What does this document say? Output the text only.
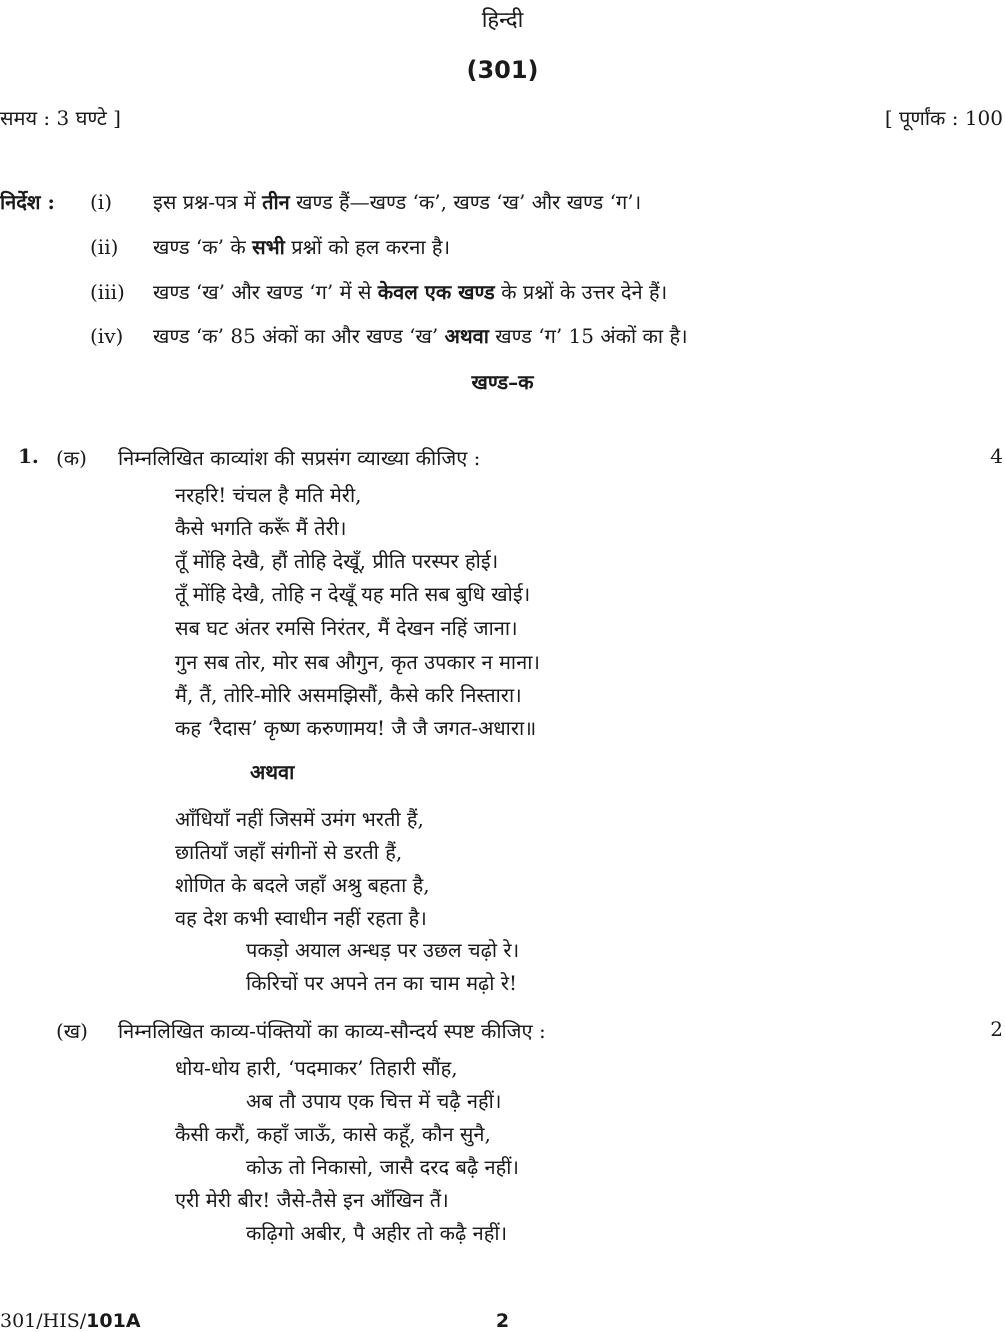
हिन्दी
(301)
समय : 3 घण्टे ]	[ पूर्णांक : 100
निर्देश : (i) इस प्रश्न-पत्र में तीन खण्ड हैं—खण्ड ‘क’, खण्ड ‘ख’ और खण्ड ‘ग’।
(ii) खण्ड ‘क’ के सभी प्रश्नों को हल करना है।
(iii) खण्ड ‘ख’ और खण्ड ‘ग’ में से केवल एक खण्ड के प्रश्नों के उत्तर देने हैं।
(iv) खण्ड ‘क’ 85 अंकों का और खण्ड ‘ख’ अथवा खण्ड ‘ग’ 15 अंकों का है।
खण्ड–क
1. (क) निम्नलिखित काव्यांश की सप्रसंग व्याख्या कीजिए :	4
नरहरि! चंचल है मति मेरी,
कैसे भगति करूँ मैं तेरी।
तूँ मोंहि देखै, हौं तोहि देखूँ, प्रीति परस्पर होई।
तूँ मोंहि देखै, तोहि न देखूँ यह मति सब बुधि खोई।
सब घट अंतर रमसि निरंतर, मैं देखन नहिं जाना।
गुन सब तोर, मोर सब औगुन, कृत उपकार न माना।
मैं, तैं, तोरि-मोरि असमझिसौं, कैसे करि निस्तारा।
कह ‘रैदास’ कृष्ण करुणामय! जै जै जगत-अधारा॥
अथवा
आँधियाँ नहीं जिसमें उमंग भरती हैं,
छातियाँ जहाँ संगीनों से डरती हैं,
शोणित के बदले जहाँ अश्रु बहता है,
वह देश कभी स्वाधीन नहीं रहता है।
पकड़ो अयाल अन्धड़ पर उछल चढ़ो रे।
किरिचों पर अपने तन का चाम मढ़ो रे!
(ख) निम्नलिखित काव्य-पंक्तियों का काव्य-सौन्दर्य स्पष्ट कीजिए :	2
धोय-धोय हारी, ‘पदमाकर’ तिहारी सौंह,
अब तौ उपाय एक चित्त में चढ़ै नहीं।
कैसी करौं, कहाँ जाऊँ, कासे कहूँ, कौन सुनै,
कोऊ तो निकासो, जासै दरद बढ़ै नहीं।
एरी मेरी बीर! जैसे-तैसे इन आँखिन तैं।
कढ़िगो अबीर, पै अहीर तो कढ़ै नहीं।
301/HIS/101A	2
